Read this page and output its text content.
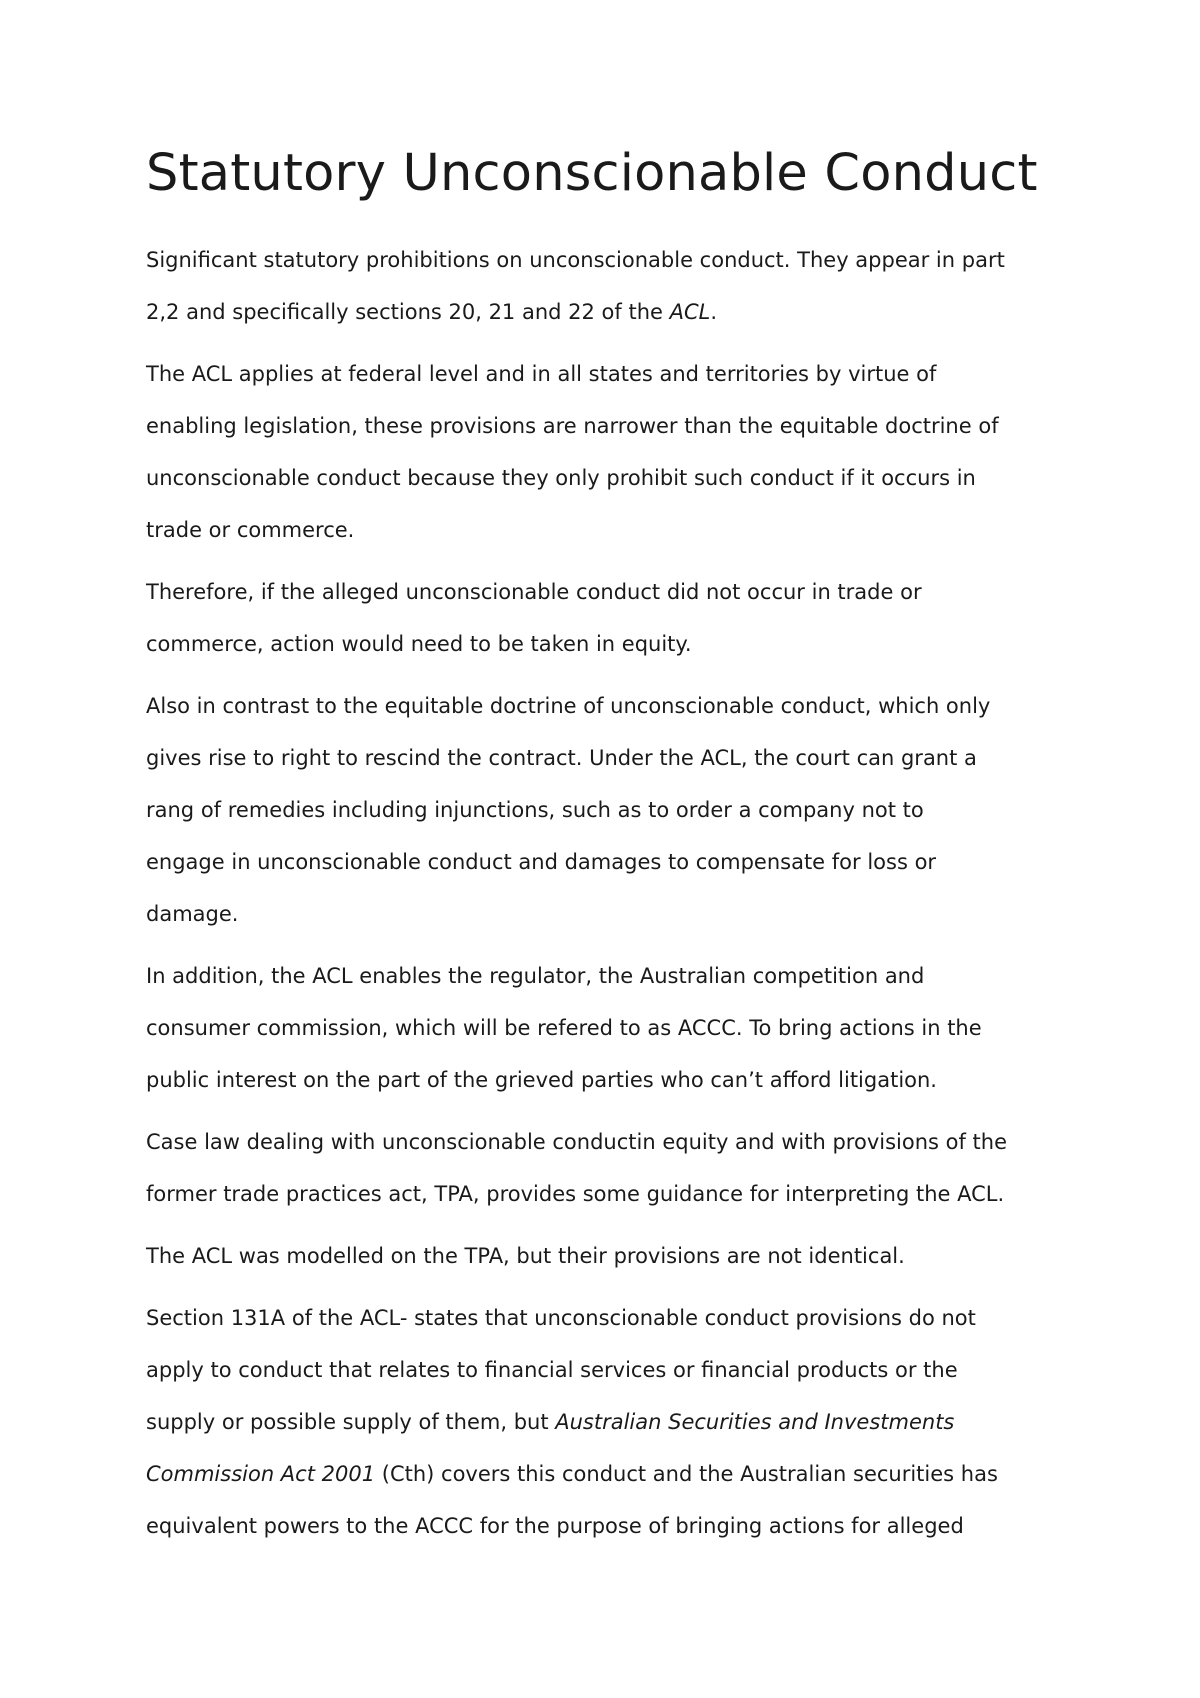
Statutory Unconscionable Conduct

Significant statutory prohibitions on unconscionable conduct. They appear in part
2,2 and specifically sections 20, 21 and 22 of the ACL.

The ACL applies at federal level and in all states and territories by virtue of
enabling legislation, these provisions are narrower than the equitable doctrine of
unconscionable conduct because they only prohibit such conduct if it occurs in
trade or commerce.

Therefore, if the alleged unconscionable conduct did not occur in trade or
commerce, action would need to be taken in equity.

Also in contrast to the equitable doctrine of unconscionable conduct, which only
gives rise to right to rescind the contract. Under the ACL, the court can grant a
rang of remedies including injunctions, such as to order a company not to
engage in unconscionable conduct and damages to compensate for loss or
damage.

In addition, the ACL enables the regulator, the Australian competition and
consumer commission, which will be refered to as ACCC. To bring actions in the
public interest on the part of the grieved parties who can’t afford litigation.

Case law dealing with unconscionable conductin equity and with provisions of the
former trade practices act, TPA, provides some guidance for interpreting the ACL.

The ACL was modelled on the TPA, but their provisions are not identical.

Section 131A of the ACL- states that unconscionable conduct provisions do not
apply to conduct that relates to financial services or financial products or the
supply or possible supply of them, but Australian Securities and Investments
Commission Act 2001 (Cth) covers this conduct and the Australian securities has
equivalent powers to the ACCC for the purpose of bringing actions for alleged
